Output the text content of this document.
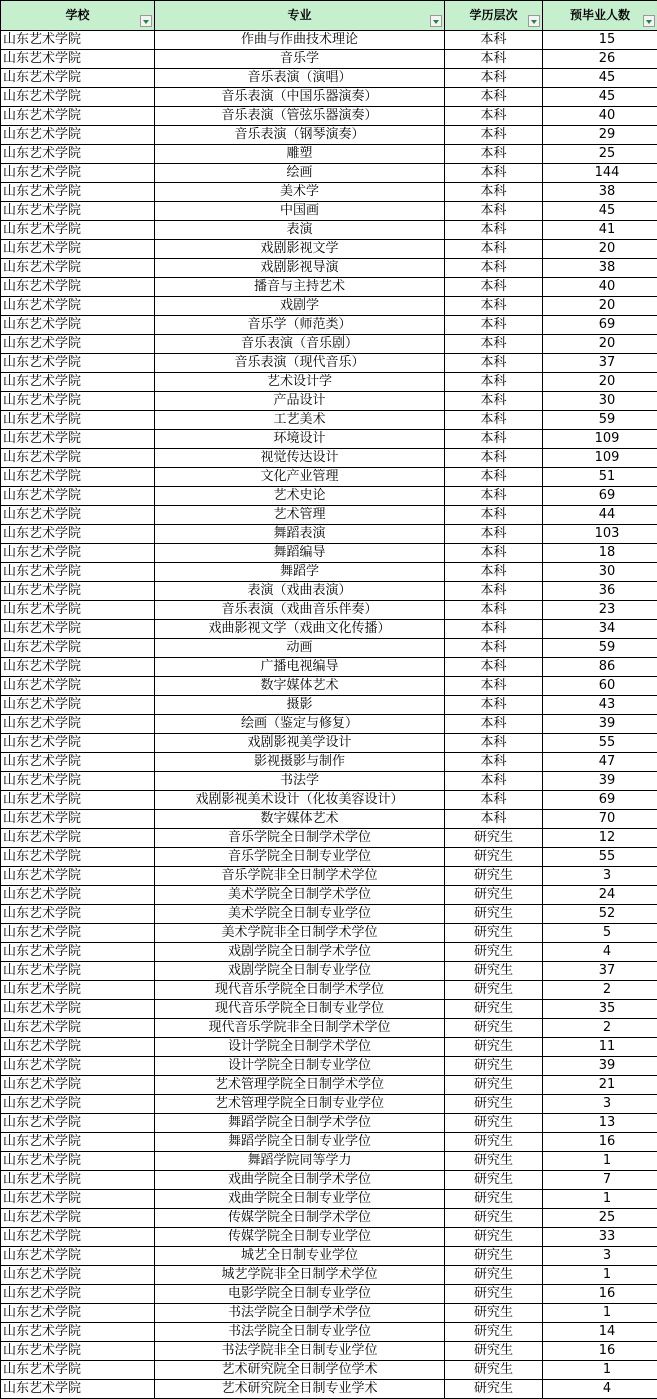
学校	专业	学历层次	预毕业人数

山东艺术学院	作曲与作曲技术理论	本科	15
山东艺术学院	音乐学	本科	26
山东艺术学院	音乐表演（演唱）	本科	45
山东艺术学院	音乐表演（中国乐器演奏）	本科	45
山东艺术学院	音乐表演（管弦乐器演奏）	本科	40
山东艺术学院	音乐表演（钢琴演奏）	本科	29
山东艺术学院	雕塑	本科	25
山东艺术学院	绘画	本科	144
山东艺术学院	美术学	本科	38
山东艺术学院	中国画	本科	45
山东艺术学院	表演	本科	41
山东艺术学院	戏剧影视文学	本科	20
山东艺术学院	戏剧影视导演	本科	38
山东艺术学院	播音与主持艺术	本科	40
山东艺术学院	戏剧学	本科	20
山东艺术学院	音乐学（师范类）	本科	69
山东艺术学院	音乐表演（音乐剧）	本科	20
山东艺术学院	音乐表演（现代音乐）	本科	37
山东艺术学院	艺术设计学	本科	20
山东艺术学院	产品设计	本科	30
山东艺术学院	工艺美术	本科	59
山东艺术学院	环境设计	本科	109
山东艺术学院	视觉传达设计	本科	109
山东艺术学院	文化产业管理	本科	51
山东艺术学院	艺术史论	本科	69
山东艺术学院	艺术管理	本科	44
山东艺术学院	舞蹈表演	本科	103
山东艺术学院	舞蹈编导	本科	18
山东艺术学院	舞蹈学	本科	30
山东艺术学院	表演（戏曲表演）	本科	36
山东艺术学院	音乐表演（戏曲音乐伴奏）	本科	23
山东艺术学院	戏曲影视文学（戏曲文化传播）	本科	34
山东艺术学院	动画	本科	59
山东艺术学院	广播电视编导	本科	86
山东艺术学院	数字媒体艺术	本科	60
山东艺术学院	摄影	本科	43
山东艺术学院	绘画（鉴定与修复）	本科	39
山东艺术学院	戏剧影视美学设计	本科	55
山东艺术学院	影视摄影与制作	本科	47
山东艺术学院	书法学	本科	39
山东艺术学院	戏剧影视美术设计（化妆美容设计）	本科	69
山东艺术学院	数字媒体艺术	本科	70
山东艺术学院	音乐学院全日制学术学位	研究生	12
山东艺术学院	音乐学院全日制专业学位	研究生	55
山东艺术学院	音乐学院非全日制学术学位	研究生	3
山东艺术学院	美术学院全日制学术学位	研究生	24
山东艺术学院	美术学院全日制专业学位	研究生	52
山东艺术学院	美术学院非全日制学术学位	研究生	5
山东艺术学院	戏剧学院全日制学术学位	研究生	4
山东艺术学院	戏剧学院全日制专业学位	研究生	37
山东艺术学院	现代音乐学院全日制学术学位	研究生	2
山东艺术学院	现代音乐学院全日制专业学位	研究生	35
山东艺术学院	现代音乐学院非全日制学术学位	研究生	2
山东艺术学院	设计学院全日制学术学位	研究生	11
山东艺术学院	设计学院全日制专业学位	研究生	39
山东艺术学院	艺术管理学院全日制学术学位	研究生	21
山东艺术学院	艺术管理学院全日制专业学位	研究生	3
山东艺术学院	舞蹈学院全日制学术学位	研究生	13
山东艺术学院	舞蹈学院全日制专业学位	研究生	16
山东艺术学院	舞蹈学院同等学力	研究生	1
山东艺术学院	戏曲学院全日制学术学位	研究生	7
山东艺术学院	戏曲学院全日制专业学位	研究生	1
山东艺术学院	传媒学院全日制学术学位	研究生	25
山东艺术学院	传媒学院全日制专业学位	研究生	33
山东艺术学院	城艺全日制专业学位	研究生	3
山东艺术学院	城艺学院非全日制学术学位	研究生	1
山东艺术学院	电影学院全日制专业学位	研究生	16
山东艺术学院	书法学院全日制学术学位	研究生	1
山东艺术学院	书法学院全日制专业学位	研究生	14
山东艺术学院	书法学院非全日制专业学位	研究生	16
山东艺术学院	艺术研究院全日制学位学术	研究生	1
山东艺术学院	艺术研究院全日制专业学术	研究生	4
